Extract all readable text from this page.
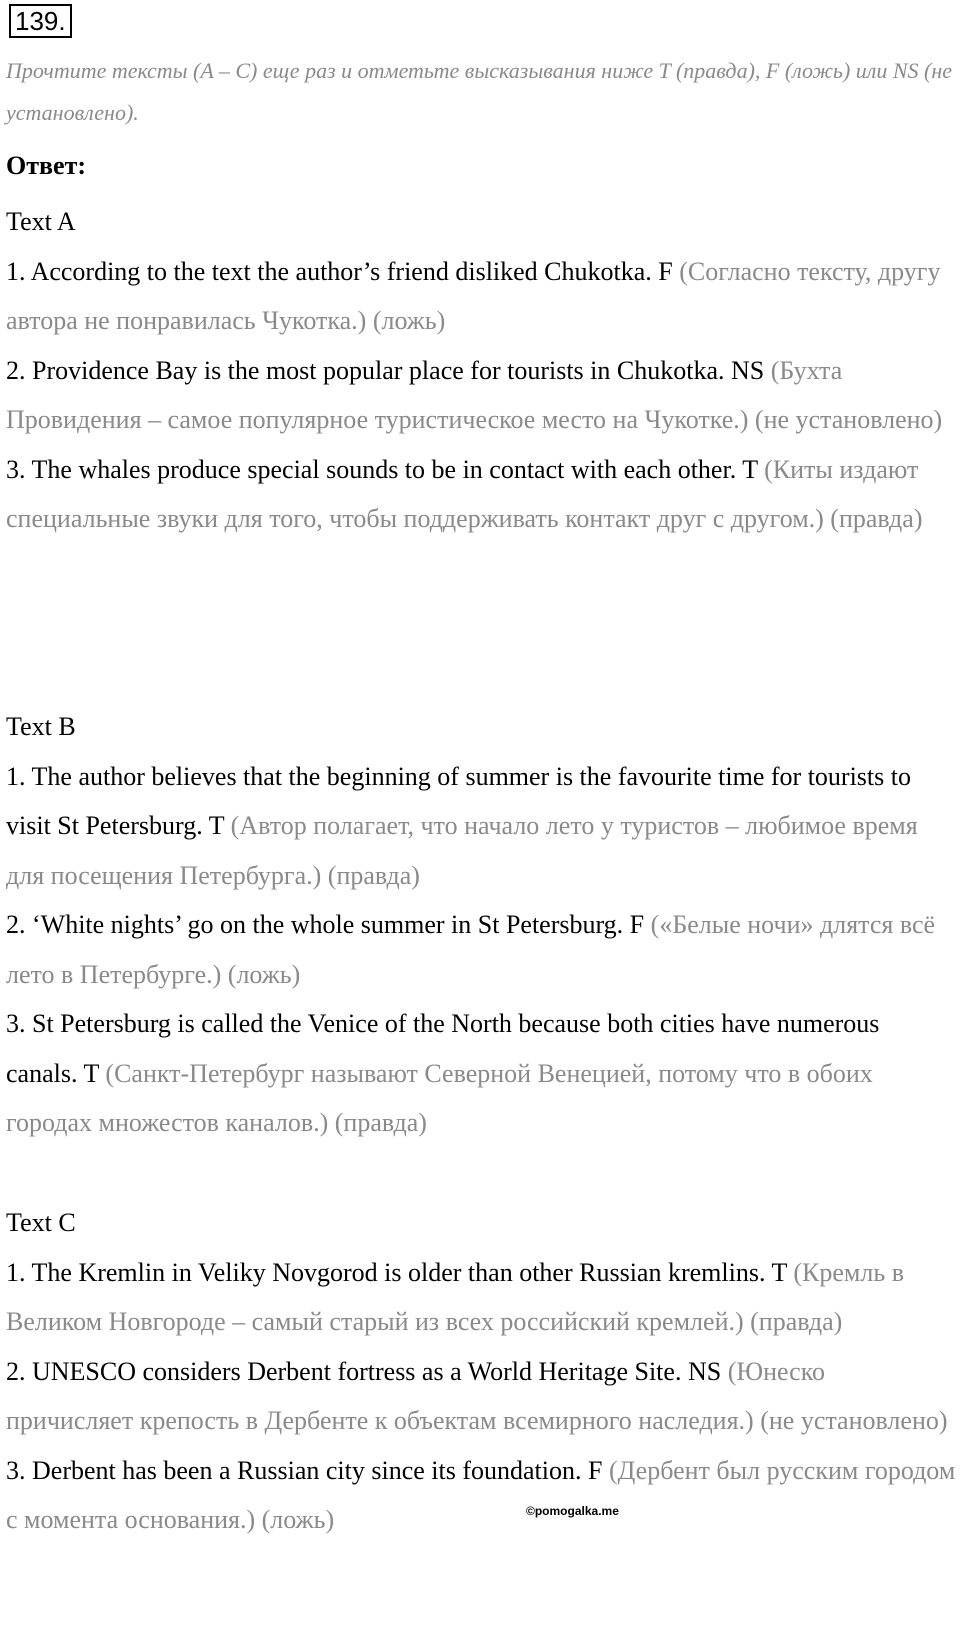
139.
Прочтите тексты (A – C) еще раз и отметьте высказывания ниже T (правда), F (ложь) или NS (не установлено).
Ответ:
Text A
1. According to the text the author’s friend disliked Chukotka. F (Согласно тексту, другу автора не понравилась Чукотка.) (ложь)
2. Providence Bay is the most popular place for tourists in Chukotka. NS (Бухта Провидения – самое популярное туристическое место на Чукотке.) (не установлено)
3. The whales produce special sounds to be in contact with each other. T (Киты издают специальные звуки для того, чтобы поддерживать контакт друг с другом.) (правда)
Text B
1. The author believes that the beginning of summer is the favourite time for tourists to visit St Petersburg. T (Автор полагает, что начало лето у туристов – любимое время для посещения Петербурга.) (правда)
2. ‘White nights’ go on the whole summer in St Petersburg. F («Белые ночи» длятся всё лето в Петербурге.) (ложь)
3. St Petersburg is called the Venice of the North because both cities have numerous canals. T (Санкт-Петербург называют Северной Венецией, потому что в обоих городах множестов каналов.) (правда)
Text C
1. The Kremlin in Veliky Novgorod is older than other Russian kremlins. T (Кремль в Великом Новгороде – самый старый из всех российский кремлей.) (правда)
2. UNESCO considers Derbent fortress as a World Heritage Site. NS (Юнеско причисляет крепость в Дербенте к объектам всемирного наследия.) (не установлено)
3. Derbent has been a Russian city since its foundation. F (Дербент был русским городом с момента основания.) (ложь)	©pomogalka.me
